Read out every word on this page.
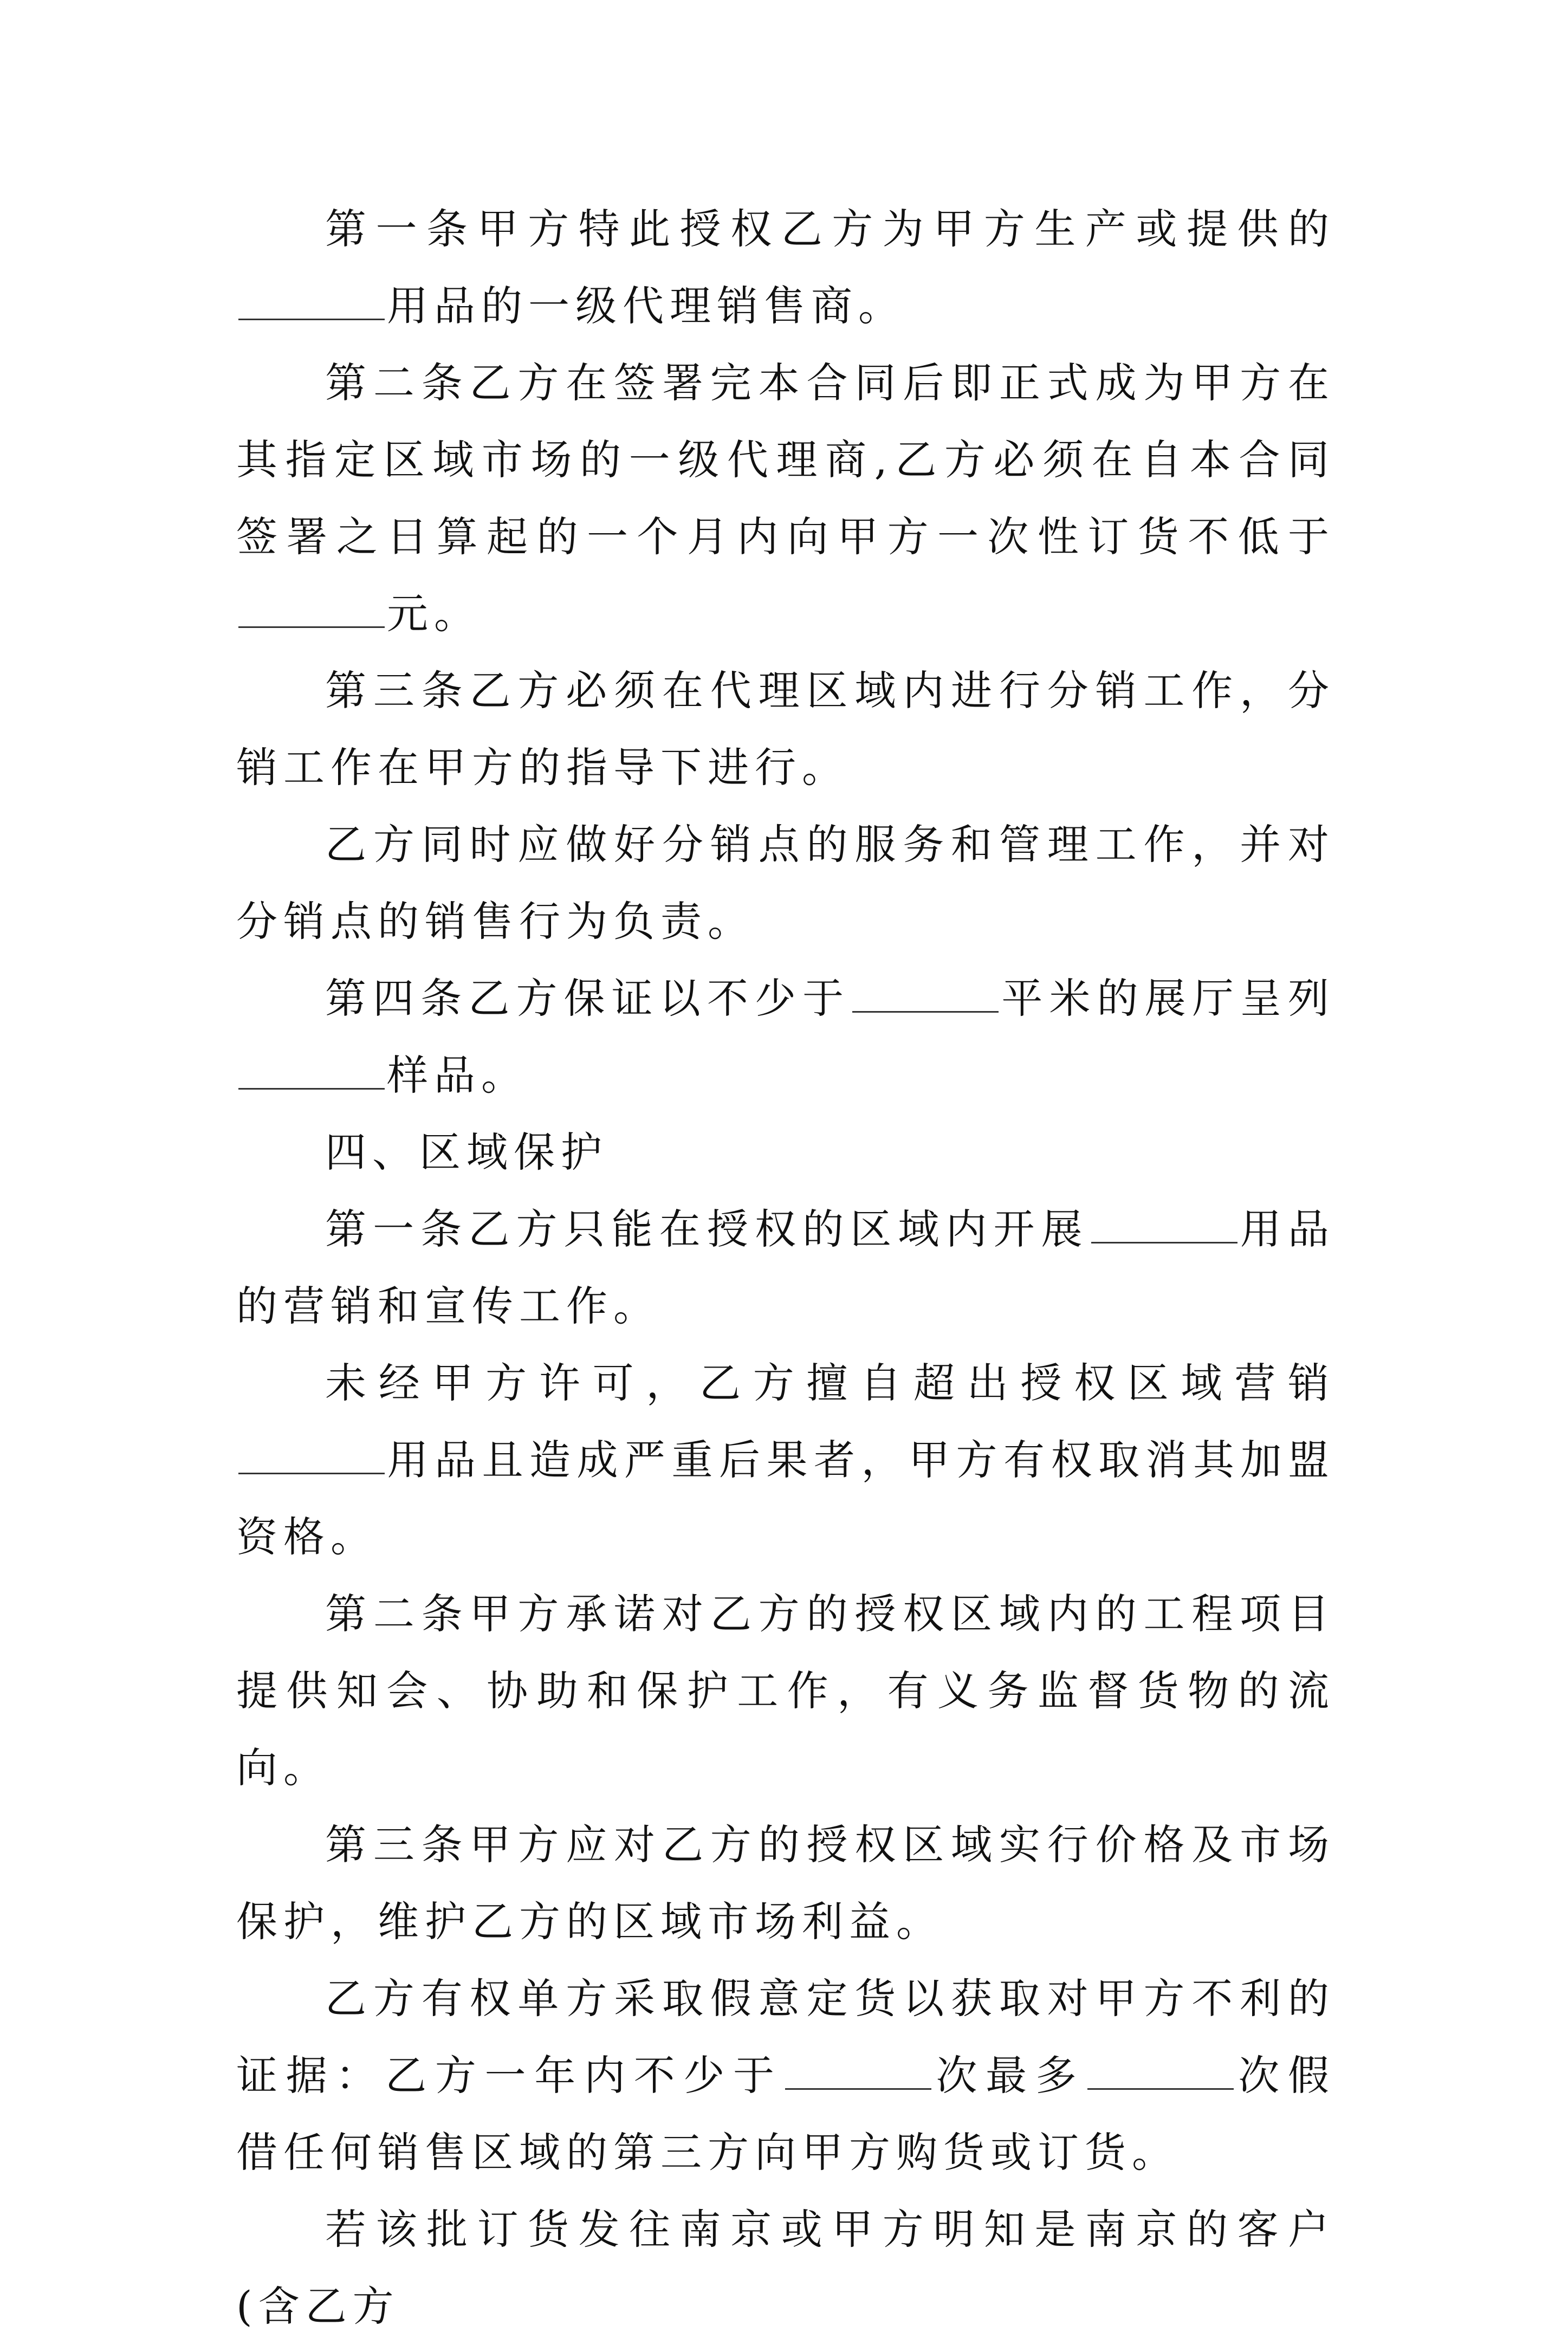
第一条甲方特此授权乙方为甲方生产或提供的用品的一级代理销售商。

第二条乙方在签署完本合同后即正式成为甲方在其指定区域市场的一级代理商,乙方必须在自本合同签署之日算起的一个月内向甲方一次性订货不低于元。

第三条乙方必须在代理区域内进行分销工作，分销工作在甲方的指导下进行。

乙方同时应做好分销点的服务和管理工作，并对分销点的销售行为负责。

第四条乙方保证以不少于	平米的展厅呈列样品。

四、区域保护

第一条乙方只能在授权的区域内开展	用品的营销和宣传工作。

未经甲方许可，乙方擅自超出授权区域营销用品且造成严重后果者，甲方有权取消其加盟资格。

第二条甲方承诺对乙方的授权区域内的工程项目提供知会、协助和保护工作，有义务监督货物的流向。

第三条甲方应对乙方的授权区域实行价格及市场保护，维护乙方的区域市场利益。

乙方有权单方采取假意定货以获取对甲方不利的证据：乙方一年内不少于	次最多	次假借任何销售区域的第三方向甲方购货或订货。

若该批订货发往南京或甲方明知是南京的客户(含乙方
